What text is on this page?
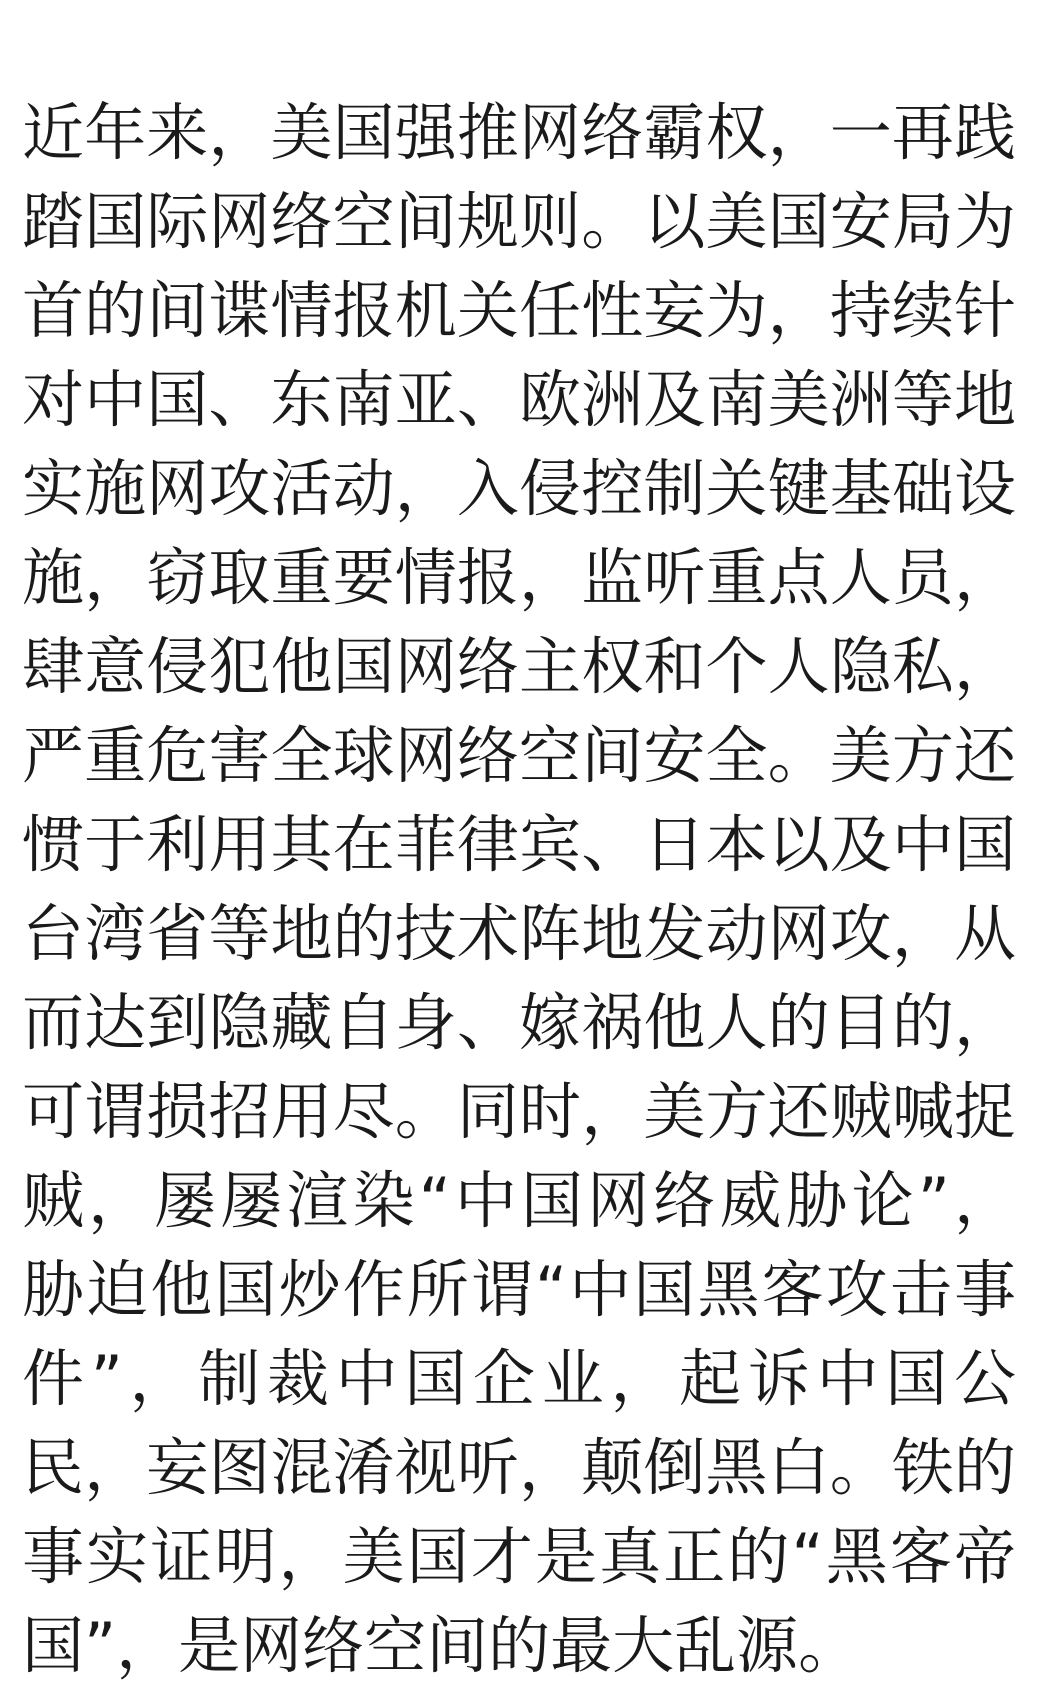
近年来，美国强推网络霸权，一再践踏国际网络空间规则。以美国安局为首的间谍情报机关任性妄为，持续针对中国、东南亚、欧洲及南美洲等地实施网攻活动，入侵控制关键基础设施，窃取重要情报，监听重点人员，肆意侵犯他国网络主权和个人隐私，严重危害全球网络空间安全。美方还惯于利用其在菲律宾、日本以及中国台湾省等地的技术阵地发动网攻，从而达到隐藏自身、嫁祸他人的目的，可谓损招用尽。同时，美方还贼喊捉贼，屡屡渲染“中国网络威胁论”，胁迫他国炒作所谓“中国黑客攻击事件”，制裁中国企业，起诉中国公民，妄图混淆视听，颠倒黑白。铁的事实证明，美国才是真正的“黑客帝国”，是网络空间的最大乱源。
